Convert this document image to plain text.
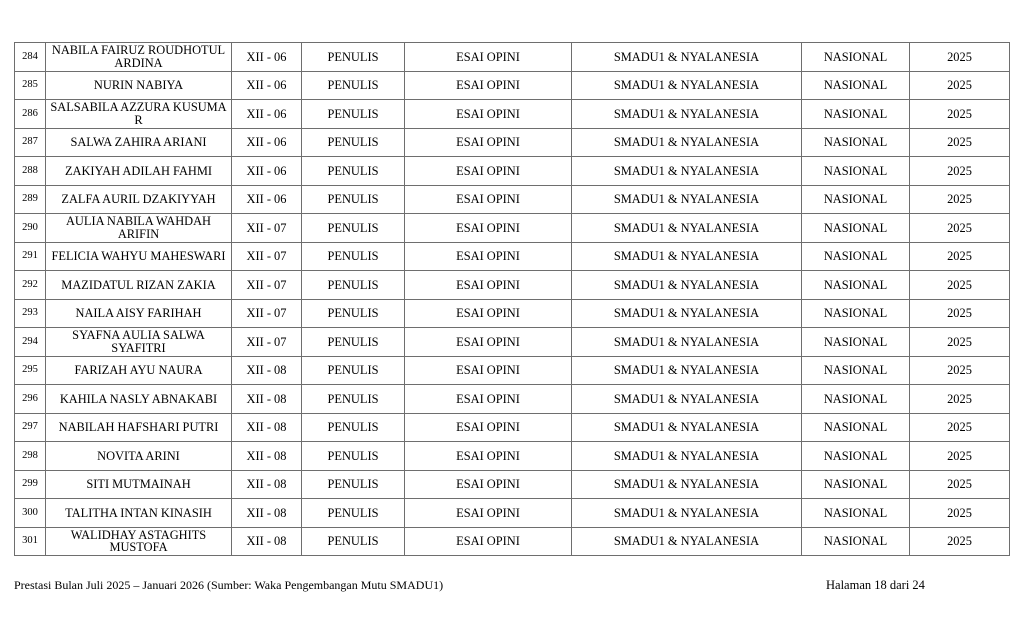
284	NABILA FAIRUZ ROUDHOTUL ARDINA	XII - 06	PENULIS	ESAI OPINI	SMADU1 & NYALANESIA	NASIONAL	2025
285	NURIN NABIYA	XII - 06	PENULIS	ESAI OPINI	SMADU1 & NYALANESIA	NASIONAL	2025
286	SALSABILA AZZURA KUSUMA R	XII - 06	PENULIS	ESAI OPINI	SMADU1 & NYALANESIA	NASIONAL	2025
287	SALWA ZAHIRA ARIANI	XII - 06	PENULIS	ESAI OPINI	SMADU1 & NYALANESIA	NASIONAL	2025
288	ZAKIYAH ADILAH FAHMI	XII - 06	PENULIS	ESAI OPINI	SMADU1 & NYALANESIA	NASIONAL	2025
289	ZALFA AURIL DZAKIYYAH	XII - 06	PENULIS	ESAI OPINI	SMADU1 & NYALANESIA	NASIONAL	2025
290	AULIA NABILA WAHDAH ARIFIN	XII - 07	PENULIS	ESAI OPINI	SMADU1 & NYALANESIA	NASIONAL	2025
291	FELICIA WAHYU MAHESWARI	XII - 07	PENULIS	ESAI OPINI	SMADU1 & NYALANESIA	NASIONAL	2025
292	MAZIDATUL RIZAN ZAKIA	XII - 07	PENULIS	ESAI OPINI	SMADU1 & NYALANESIA	NASIONAL	2025
293	NAILA AISY FARIHAH	XII - 07	PENULIS	ESAI OPINI	SMADU1 & NYALANESIA	NASIONAL	2025
294	SYAFNA AULIA SALWA SYAFITRI	XII - 07	PENULIS	ESAI OPINI	SMADU1 & NYALANESIA	NASIONAL	2025
295	FARIZAH AYU NAURA	XII - 08	PENULIS	ESAI OPINI	SMADU1 & NYALANESIA	NASIONAL	2025
296	KAHILA NASLY ABNAKABI	XII - 08	PENULIS	ESAI OPINI	SMADU1 & NYALANESIA	NASIONAL	2025
297	NABILAH HAFSHARI PUTRI	XII - 08	PENULIS	ESAI OPINI	SMADU1 & NYALANESIA	NASIONAL	2025
298	NOVITA ARINI	XII - 08	PENULIS	ESAI OPINI	SMADU1 & NYALANESIA	NASIONAL	2025
299	SITI MUTMAINAH	XII - 08	PENULIS	ESAI OPINI	SMADU1 & NYALANESIA	NASIONAL	2025
300	TALITHA INTAN KINASIH	XII - 08	PENULIS	ESAI OPINI	SMADU1 & NYALANESIA	NASIONAL	2025
301	WALIDHAY ASTAGHITS MUSTOFA	XII - 08	PENULIS	ESAI OPINI	SMADU1 & NYALANESIA	NASIONAL	2025
Prestasi Bulan Juli 2025 – Januari 2026 (Sumber: Waka Pengembangan Mutu SMADU1)	Halaman 18 dari 24
